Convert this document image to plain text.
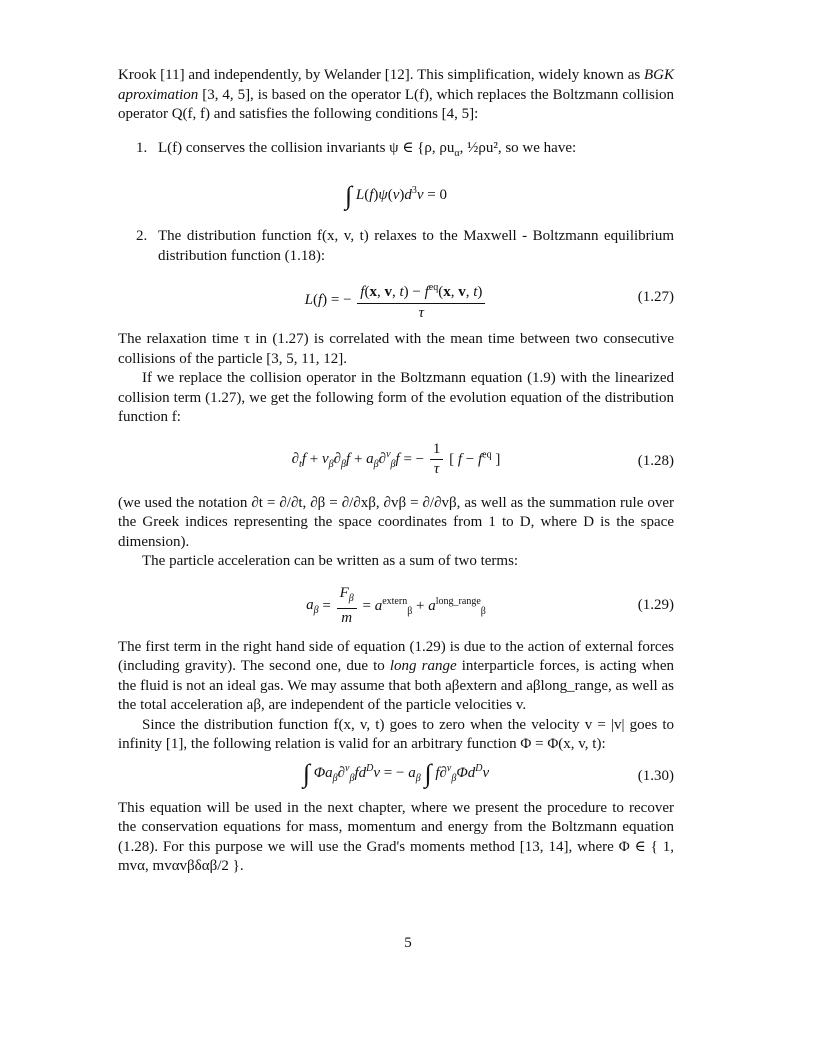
Krook [11] and independently, by Welander [12]. This simplification, widely known as BGK aproximation [3, 4, 5], is based on the operator L(f), which replaces the Boltzmann collision operator Q(f, f) and satisfies the following conditions [4, 5]:

1. L(f) conserves the collision invariants ψ ∈ {ρ, $\rho u_\alpha$, ½ρu², so we have:
∫ $L(f)\psi(v)d^3v = 0$
2. The distribution function f(x, v, t) relaxes to the Maxwell - Boltzmann equilibrium distribution function (1.18):
L(f) = − $\frac{f(x, v, t) - f^{eq}(x, v, t)}{\tau}$	(1.27)

The relaxation time τ in (1.27) is correlated with the mean time between two consecutive collisions of the particle [3, 5, 11, 12].

If we replace the collision operator in the Boltzmann equation (1.9) with the linearized collision term (1.27), we get the following form of the evolution equation of the distribution function f:

$\partial_tf + v_\beta\partial_\beta f + a_\beta\partial^v_\beta f$ = − $\frac{1}{\tau}$ [ $f - f^{eq}$ ]	(1.28)

(we used the notation ∂t = ∂/∂t, ∂β = ∂/∂xβ, ∂vβ = ∂/∂vβ, as well as the summation rule over the Greek indices representing the space coordinates from 1 to D, where D is the space dimension).

The particle acceleration can be written as a sum of two terms:

$a_\beta = \frac{F_\beta}{m} = a^{extern}_\beta + a^{long\_range}_\beta$	(1.29)

The first term in the right hand side of equation (1.29) is due to the action of external forces (including gravity). The second one, due to long range interparticle forces, is acting when the fluid is not an ideal gas. We may assume that both aβextern and aβlong_range, as well as the total acceleration aβ, are independent of the particle velocities v.

Since the distribution function f(x, v, t) goes to zero when the velocity v = |v| goes to infinity [1], the following relation is valid for an arbitrary function Φ = Φ(x, v, t):

∫ $\Phi a_\beta\partial^v_\beta fd^Dv$ = − $a_\beta$ ∫ $f\partial^v_\beta\Phi d^Dv$	(1.30)

This equation will be used in the next chapter, where we present the procedure to recover the conservation equations for mass, momentum and energy from the Boltzmann equation (1.28). For this purpose we will use the Grad's moments method [13, 14], where Φ ∈ { 1, mvα, mvαvβδαβ/2 }.

5
